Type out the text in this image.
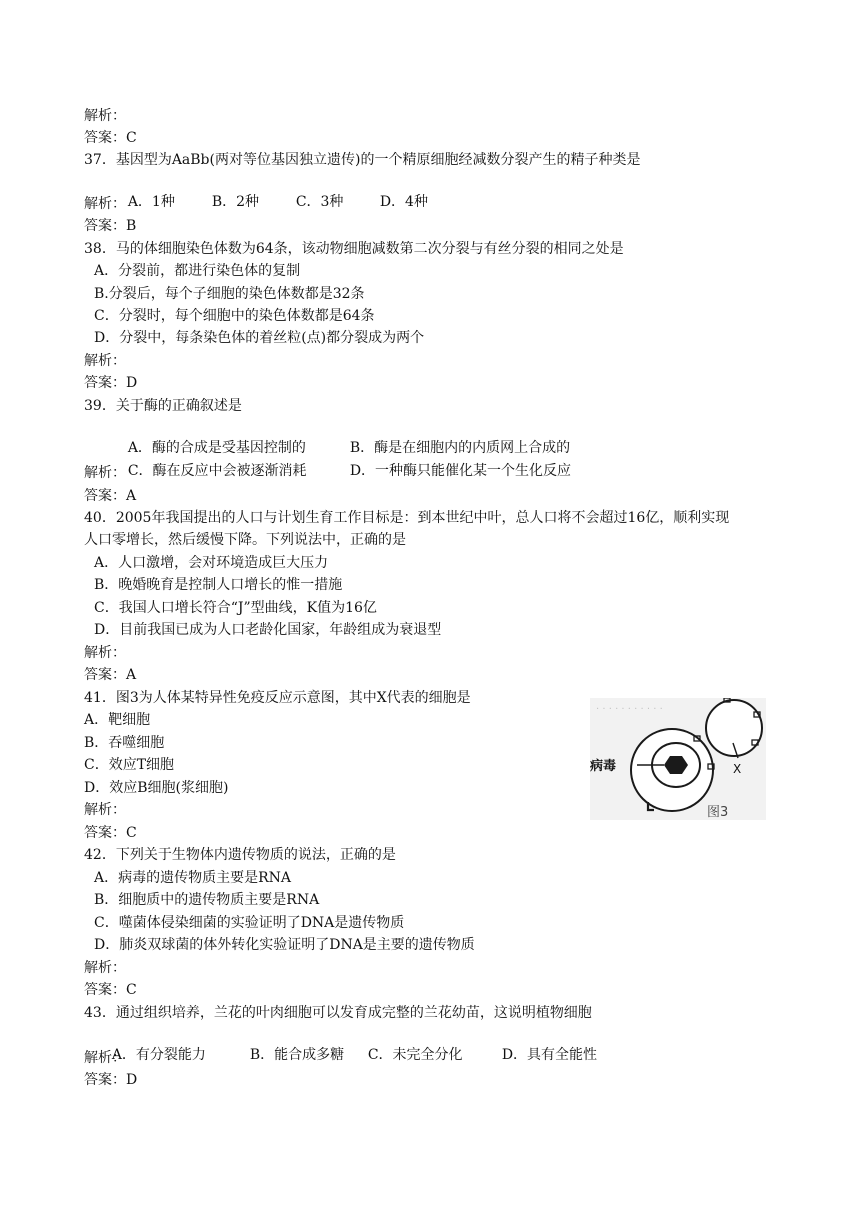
解析：
答案：C
37．基因型为AaBb(两对等位基因独立遗传)的一个精原细胞经减数分裂产生的精子种类是

A．1种	B．2种	C．3种	D．4种

解析：
答案：B
38．马的体细胞染色体数为64条，该动物细胞减数第二次分裂与有丝分裂的相同之处是
A．分裂前，都进行染色体的复制
B.分裂后，每个子细胞的染色体数都是32条
C．分裂时，每个细胞中的染色体数都是64条
D．分裂中，每条染色体的着丝粒(点)都分裂成为两个
解析：
答案：D
39．关于酶的正确叙述是

A．酶的合成是受基因控制的	B．酶是在细胞内的内质网上合成的

C．酶在反应中会被逐渐消耗	D．一种酶只能催化某一个生化反应

解析：
答案：A
40．2005年我国提出的人口与计划生育工作目标是：到本世纪中叶，总人口将不会超过16亿，顺利实现
人口零增长，然后缓慢下降。下列说法中，正确的是
A．人口激增，会对环境造成巨大压力
B．晚婚晚育是控制人口增长的惟一措施
C．我国人口增长符合“J”型曲线，K值为16亿
D．目前我国已成为人口老龄化国家，年龄组成为衰退型
解析：
答案：A
41．图3为人体某特异性免疫反应示意图，其中X代表的细胞是
A．靶细胞
B．吞噬细胞
C．效应T细胞
D．效应B细胞(浆细胞)
解析：
答案：C
· · · · · · · · · · ·
病毒	X
图3
42．下列关于生物体内遗传物质的说法，正确的是
A．病毒的遗传物质主要是RNA
B．细胞质中的遗传物质主要是RNA
C．噬菌体侵染细菌的实验证明了DNA是遗传物质
D．肺炎双球菌的体外转化实验证明了DNA是主要的遗传物质
解析：
答案：C
43．通过组织培养，兰花的叶肉细胞可以发育成完整的兰花幼苗，这说明植物细胞

A．有分裂能力	B．能合成多糖 C．未完全分化	D．具有全能性

解析：
答案：D
